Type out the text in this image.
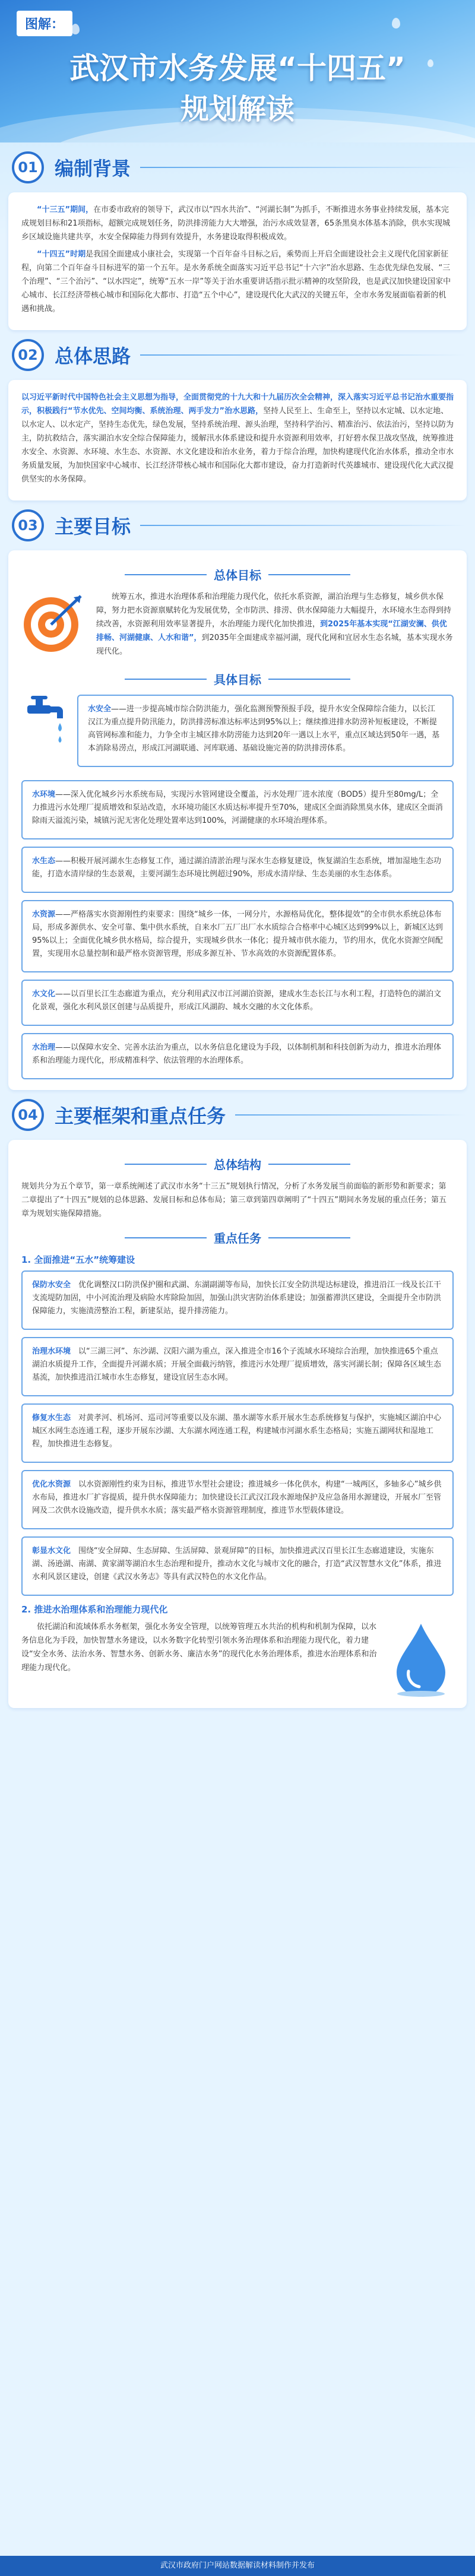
图解：
武汉市水务发展“十四五”
规划解读
01 编制背景

“十三五”期间，在市委市政府的领导下，武汉市以“四水共治”、“河湖长制”为抓手，不断推进水务事业持续发展，基本完成规划目标和21项指标，超额完成规划任务，防洪排涝能力大大增强，治污水成效显著，65条黑臭水体基本消除，供水实现城乡区域设施共建共享，水安全保障能力得到有效提升，水务建设取得积极成效。

“十四五”时期是我国全面建成小康社会，实现第一个百年奋斗目标之后，乘势而上开启全面建设社会主义现代化国家新征程，向第二个百年奋斗目标进军的第一个五年。是水务系统全面落实习近平总书记“十六字”治水思路、生态优先绿色发展、“三个治理”、“三个治污”、“以水四定”，统筹“五水一岸”等关于治水重要讲话指示批示精神的攻坚阶段，也是武汉加快建设国家中心城市、长江经济带核心城市和国际化大都市、打造“五个中心”，建设现代化大武汉的关键五年，全市水务发展面临着新的机遇和挑战。

02 总体思路

以习近平新时代中国特色社会主义思想为指导，全面贯彻党的十九大和十九届历次全会精神，深入落实习近平总书记治水重要指示，积极践行“节水优先、空间均衡、系统治理、两手发力”治水思路，坚持人民至上、生命至上，坚持以水定城、以水定地、以水定人、以水定产，坚持生态优先，绿色发展，坚持系统治理、源头治理，坚持科学治污、精准治污、依法治污，坚持以防为主，防抗救结合，落实湖泊水安全综合保障能力，缓解汛水体系建设和提升水资源利用效率，打好碧水保卫战攻坚战，统筹推进水安全、水资源、水环境、水生态、水资源、水文化建设和治水业务，着力于综合治理，加快构建现代化治水体系，推动全市水务质量发展，为加快国家中心城市、长江经济带核心城市和国际化大都市建设，奋力打造新时代英雄城市、建设现代化大武汉提供坚实的水务保障。

03 主要目标
总体目标

统筹五水，推进水治理体系和治理能力现代化，依托水系资源，湖泊治理与生态修复，城乡供水保障，努力把水资源禀赋转化为发展优势，全市防洪、排涝、供水保障能力大幅提升，水环境水生态得到持续改善，水资源利用效率显著提升，水治理能力现代化加快推进，到2025年基本实现“江湖安澜、供优排畅、河湖健康、人水和谐”，到2035年全面建成幸福河湖，现代化网和宜居水生态名城，基本实现水务现代化。

具体目标

水安全——进一步提高城市综合防洪能力，强化监测预警预报手段，提升水安全保障综合能力，以长江汉江为重点提升防汛能力，防洪排涝标准达标率达到95%以上；继续推进排水防涝补短板建设，不断提高管网标准和能力，力争全市主城区排水防涝能力达到20年一遇以上水平，重点区域达到50年一遇，基本消除易涝点，形成江河湖联通、河库联通、基础设施完善的防洪排涝体系。

水环境——深入优化城乡污水系统布局，实现污水管网建设全覆盖，污水处理厂进水浓度（BOD5）提升至80mg/L；全力推进污水处理厂提质增效和泵站改造，水环境功能区水质达标率提升至70%，建成区全面消除黑臭水体，建成区全面消除雨天溢流污染，城镇污泥无害化处理处置率达到100%，河湖健康的水环境治理体系。

水生态——积极开展河湖水生态修复工作，通过湖泊清淤治理与深水生态修复建设，恢复湖泊生态系统，增加湿地生态功能，打造水清岸绿的生态景观，主要河湖生态环境比例超过90%，形成水清岸绿、生态美丽的水生态体系。

水资源——严格落实水资源刚性约束要求：围绕“城乡一体，一网分片，水源格局优化，整体提效”的全市供水系统总体布局，形成多源供水、安全可靠、集中供水系统，自来水厂五厂出厂水水质综合合格率中心城区达到99%以上，新城区达到95%以上；全面优化城乡供水格局，综合提升，实现城乡供水一体化；提升城市供水能力，节约用水，优化水资源空间配置，实现用水总量控制和最严格水资源管理，形成多源互补、节水高效的水资源配置体系。

水文化——以百里长江生态廊道为重点，充分利用武汉市江河湖泊资源，建成水生态长江与水利工程，打造特色的湖泊文化景观，强化水利风景区创建与品质提升，形成江风湖韵、城水交融的水文化体系。

水治理——以保障水安全、完善水法治为重点，以水务信息化建设为手段，以体制机制和科技创新为动力，推进水治理体系和治理能力现代化，形成精准科学、依法管理的水治理体系。

04 主要框架和重点任务
总体结构

规划共分为五个章节，第一章系统阐述了武汉市水务“十三五”规划执行情况，分析了水务发展当前面临的新形势和新要求；第二章提出了“十四五”规划的总体思路、发展目标和总体布局；第三章到第四章阐明了“十四五”期间水务发展的重点任务；第五章为规划实施保障措施。

重点任务
1. 全面推进“五水”统筹建设

保防水安全　 优化调整汉口防洪保护圈和武湖、东湖副湖等布局，加快长江安全防洪堤达标建设，推进沿江一线及长江干支流堤防加固，中小河流治理及病险水库除险加固，加强山洪灾害防治体系建设；加强蓄滞洪区建设，全面提升全市防洪保障能力，实施渍涝整治工程，新建泵站，提升排涝能力。

治理水环境　 以“三湖三河”、东沙湖、汉阳六湖为重点，深入推进全市16个子流域水环境综合治理，加快推进65个重点湖泊水质提升工作，全面提升河湖水质；开展全面截污纳管，推进污水处理厂提质增效，落实河湖长制；保障各区域生态基流，加快推进沿江城市水生态修复，建设宜居生态水网。

修复水生态　 对黄孝河、机场河、巡司河等重要以及东湖、墨水湖等水系开展水生态系统修复与保护，实施城区湖泊中心城区水网生态连通工程，逐步开展东沙湖、大东湖水网连通工程，构建城市河湖水系生态格局；实施五湖网状和湿地工程，加快推进生态修复。

优化水资源　 以水资源刚性约束为目标，推进节水型社会建设；推进城乡一体化供水，构建“一城两区，多轴多心”城乡供水布局，推进水厂扩容提质，提升供水保障能力；加快建设长江武汉江段水源地保护及应急备用水源建设，开展水厂至管网及二次供水设施改造，提升供水水质；落实最严格水资源管理制度，推进节水型载体建设。

彰显水文化　 围绕“安全屏障、生态屏障、生活屏障、景观屏障”的目标，加快推进武汉百里长江生态廊道建设，实施东湖、汤逊湖、南湖、黄家湖等湖泊水生态治理和提升，推动水文化与城市文化的融合，打造“武汉智慧水文化”体系，推进水利风景区建设，创建《武汉水务志》等具有武汉特色的水文化作品。

2. 推进水治理体系和治理能力现代化

依托湖泊和流域体系水务框架，强化水务安全管理，以统筹管理五水共治的机构和机制为保障，以水务信息化为手段，加快智慧水务建设，以水务数字化转型引领水务治理体系和治理能力现代化，着力建设“安全水务、法治水务、智慧水务、创新水务、廉洁水务”的现代化水务治理体系，推进水治理体系和治理能力现代化。

武汉市政府门户网站数据解读材料制作并发布
